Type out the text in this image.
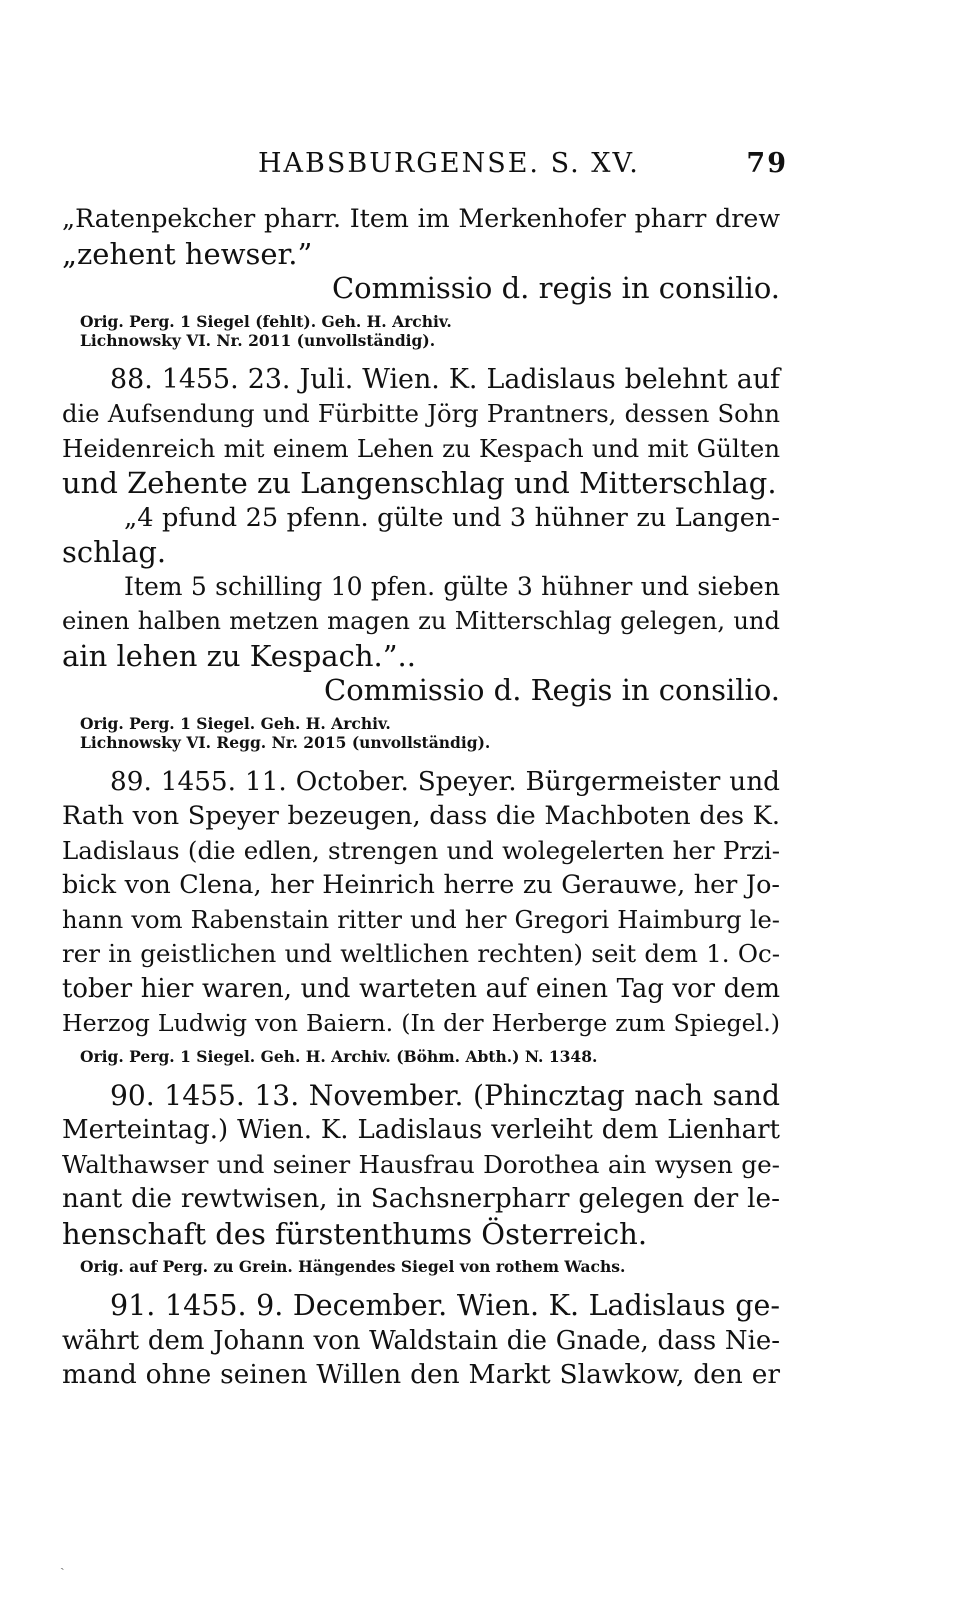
HABSBURGENSE. S. XV.	79
„Ratenpekcher pharr. Item im Merkenhofer pharr drew
„zehent hewser.”
Commissio d. regis in consilio.
Orig. Perg. 1 Siegel (fehlt). Geh. H. Archiv.
Lichnowsky VI. Nr. 2011 (unvollständig).
88. 1455. 23. Juli. Wien. K. Ladislaus belehnt auf
die Aufsendung und Fürbitte Jörg Prantners, dessen Sohn
Heidenreich mit einem Lehen zu Kespach und mit Gülten
und Zehente zu Langenschlag und Mitterschlag.
„4 pfund 25 pfenn. gülte und 3 hühner zu Langen-
schlag.
Item 5 schilling 10 pfen. gülte 3 hühner und sieben
einen halben metzen magen zu Mitterschlag gelegen, und
ain lehen zu Kespach.”..
Commissio d. Regis in consilio.
Orig. Perg. 1 Siegel. Geh. H. Archiv.
Lichnowsky VI. Regg. Nr. 2015 (unvollständig).
89. 1455. 11. October. Speyer. Bürgermeister und
Rath von Speyer bezeugen, dass die Machboten des K.
Ladislaus (die edlen, strengen und wolegelerten her Przi-
bick von Clena, her Heinrich herre zu Gerauwe, her Jo-
hann vom Rabenstain ritter und her Gregori Haimburg le-
rer in geistlichen und weltlichen rechten) seit dem 1. Oc-
tober hier waren, und warteten auf einen Tag vor dem
Herzog Ludwig von Baiern. (In der Herberge zum Spiegel.)
Orig. Perg. 1 Siegel. Geh. H. Archiv. (Böhm. Abth.) N. 1348.
90. 1455. 13. November. (Phincztag nach sand
Merteintag.) Wien. K. Ladislaus verleiht dem Lienhart
Walthawser und seiner Hausfrau Dorothea ain wysen ge-
nant die rewtwisen, in Sachsnerpharr gelegen der le-
henschaft des fürstenthums Österreich.
Orig. auf Perg. zu Grein. Hängendes Siegel von rothem Wachs.
91. 1455. 9. December. Wien. K. Ladislaus ge-
währt dem Johann von Waldstain die Gnade, dass Nie-
mand ohne seinen Willen den Markt Slawkow, den er
ˏ
